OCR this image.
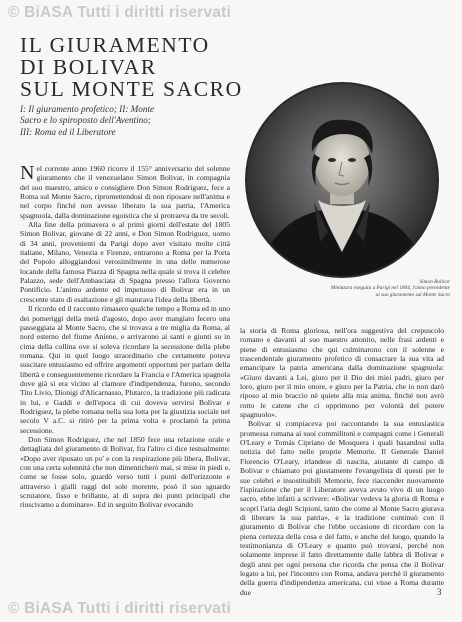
© BiASA Tutti i diritti riservati
IL GIURAMENTO
DI BOLIVAR
SUL MONTE SACRO
I: Il giuramento profetico; II: Monte
Sacro e lo spiroposto dell'Aventino;
III: Roma ed il Liberatore
Simon Bolivar
Miniatura eseguita a Parigi nel 1804, l'anno precedente
al suo giuramento sul Monte Sacro

Nel corrente anno 1960 ricorre il 155° anniversario del solenne giuramento che il venezuelano Simon Bolivar, in compagnia del suo maestro, amico e consigliere Don Simon Rodriguez, fece a Roma sul Monte Sacro, ripromettendosi di non riposare nell'anima e nel corpo finché non avesse liberato la sua patria, l'America spagnuola, dalla dominazione egoistica che si protraeva da tre secoli.

Alla fine della primavera o al primi giorni dell'estate del 1805 Simon Bolivar, giovane di 22 anni, e Don Simon Rodriguez, uomo di 34 anni, provenienti da Parigi dopo aver visitato molte città italiane, Milano, Venezia e Firenze, entrarono a Roma per la Porta del Popolo alloggiandosi verosimilmente in una delle numerose locande della famosa Piazza di Spagna nella quale si trova il celebre Palazzo, sede dell'Ambasciata di Spagna presso l'allora Governo Pontificio. L'animo ardente ed impetuoso di Bolivar era in un crescente stato di esaltazione e gli maturava l'idea della libertà.

Il ricordo ed il racconto rimasero qualche tempo a Roma ed in uno dei pomeriggi della metà d'agosto, dopo aver mangiato fecero una passeggiata al Monte Sacro, che si trovava a tre miglia da Roma, al nord esterno del fiume Aniene, e arrivarono ai santi e giunti su in cima della collina ove si soleva ricordare la secessione della plebe romana. Qui in quel luogo straordinario che certamente poteva suscitare entusiasmo ed offrire argomenti opportuni per parlare della libertà e conseguentemente ricordare la Francia e l'America spagnola dove già si era vicino al clamore d'indipendenza, furono, secondo Tito Livio, Dionigi d'Alicarnasso, Plutarco, la tradizione più radicata in lui, e Gaddi e dell'epoca di cui doveva servirsi Bolivar e Rodriguez, la plebe romana nella sua lotta per la giustizia sociale nel secolo V a.C. si ritirò per la prima volta e proclamò la prima secessione.

Don Simon Rodriguez, che nel 1850 fece una relazione orale e dettagliata del giuramento di Bolivar, fra l'altro ci dice testualmente: «Dopo aver riposato un po' e con la respirazione più libera, Bolivar, con una certa solennità che non dimenticherò mai, si mise in piedi e, come se fosse solo, guardò verso tutti i punti dell'orizzonte e attraverso i gialli raggi del sole morente, posò il suo sguardo scrutatore, fisso e brillante, al di sopra dei punti principali che riuscivamo a dominare». Ed in seguito Bolivar evocando

la storia di Roma gloriosa, nell'ora suggestiva del crepuscolo romano e davanti al suo maestro attonito, nelle frasi ardenti e piene di entusiasmo che qui culminarono con il solenne e trascendentale giuramento profetico di consacrare la sua vita ad emancipare la patria americana dalla dominazione spagnuola: «Giuro davanti a Lei, giuro per il Dio dei miei padri, giuro per loro, giuro per il mio onore, e giuro per la Patria, che io non darò riposo al mio braccio né quiete alla mia anima, finché non avrò rotto le catene che ci opprimono per volontà del potere spagnuolo».

Bolivar si compiaceva poi raccontando la sua entusiastica promessa romana ai suoi commilitoni e compagni come i Generali O'Leary e Tomás Cipriano de Mosquera i quali basandosi sulla notizia del fatto nelle proprie Memorie. Il Generale Daniel Florencio O'Leary, irlandese di nascita, aiutante di campo di Bolivar e chiamato poi giustamente l'evangelista di questi per le sue celebri e insostituibili Memorie, fece riaccender nuovamente l'ispirazione che per il Liberatore aveva avuto vivo di un luogo sacro, ebbe infatti a scrivere: «Bolivar vedeva la gloria di Roma e scoprì l'aria degli Scipioni, tanto che come al Monte Sacro giurava di liberare la sua patria», e la tradizione continuò con il giuramento di Bolivar che l'ebbe occasione di ricordare con la piena certezza della cosa e del fatto, e anche del luogo, quando la testimonianza di O'Leary e quanto può trovarsi, perché non solamente imprese il fatto direttamente dalle labbra di Bolivar e degli anni per ogni persona che ricorda che pensa che il Bolivar legato a lui, per l'incontro con Roma, andava perché il giuramento della guerra d'indipendenza americana, cui visse a Roma durante due	3
© BiASA Tutti i diritti riservati
